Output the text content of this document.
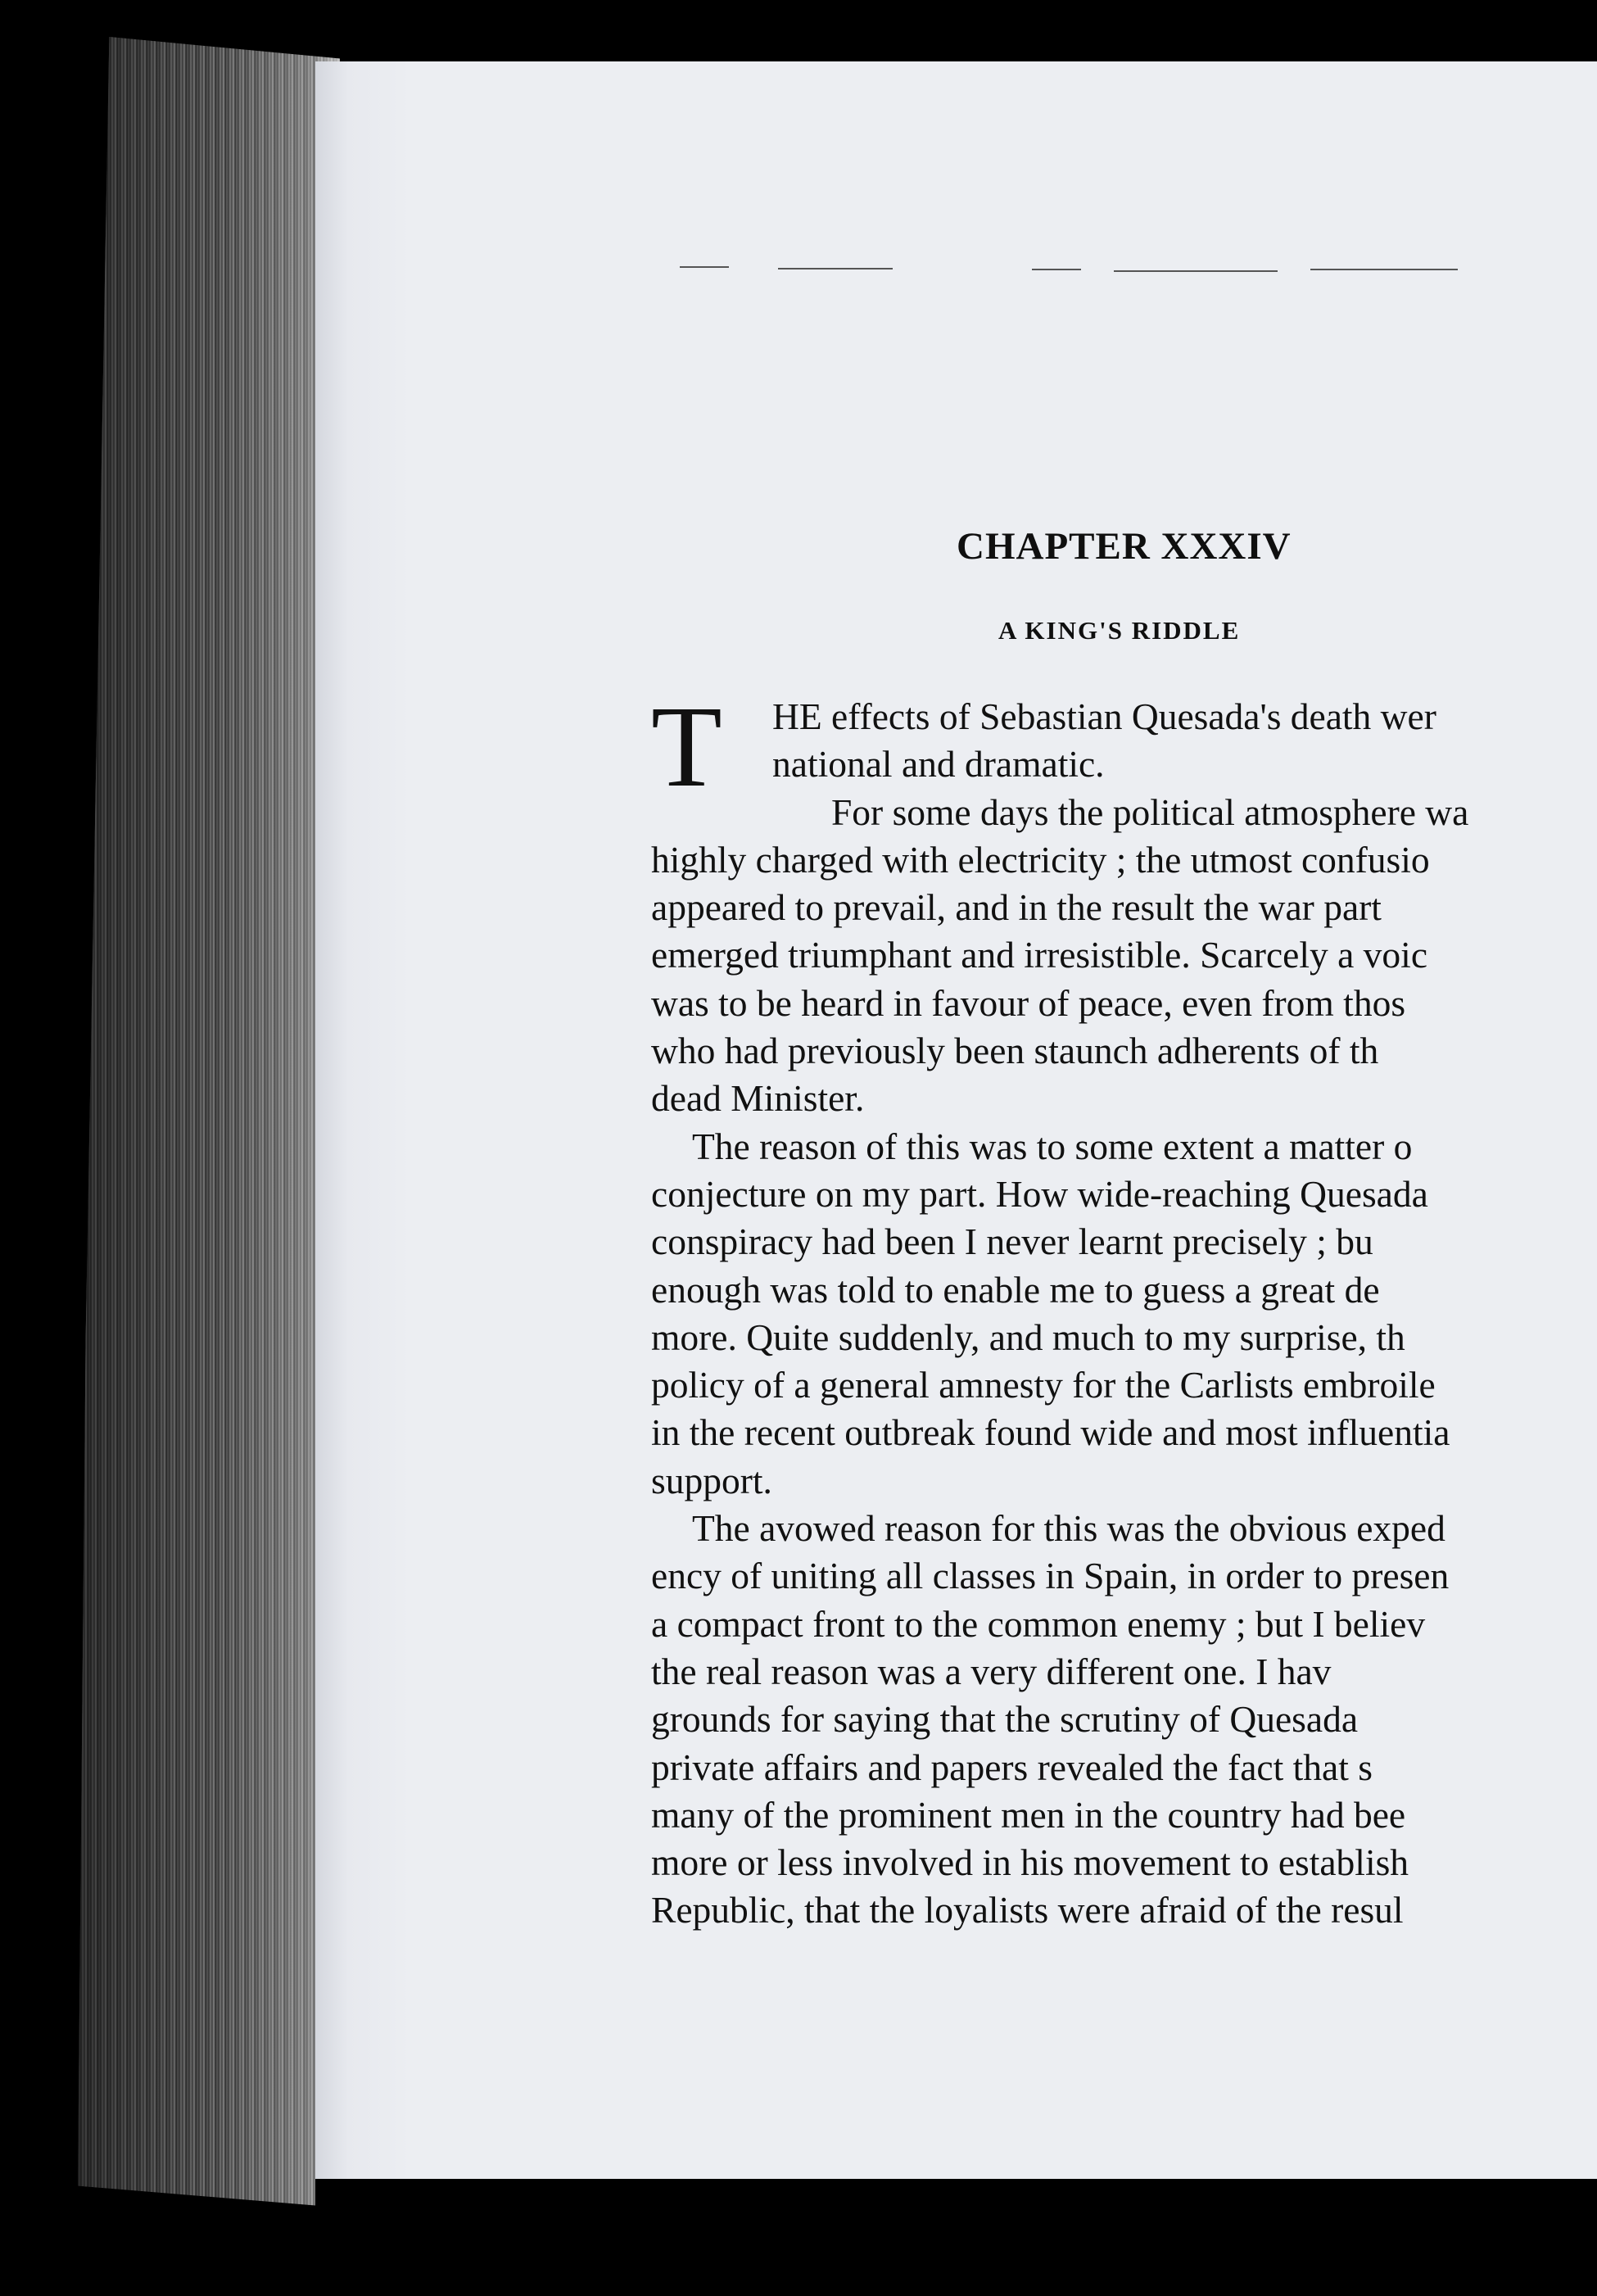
CHAPTER XXXIV
A KING'S RIDDLE
T	HE effects of Sebastian Quesada's death wer
national and dramatic.
For some days the political atmosphere wa
highly charged with electricity ; the utmost confusio
appeared to prevail, and in the result the war part
emerged triumphant and irresistible. Scarcely a voic
was to be heard in favour of peace, even from thos
who had previously been staunch adherents of th
dead Minister.
The reason of this was to some extent a matter o
conjecture on my part. How wide-reaching Quesada
conspiracy had been I never learnt precisely ; bu
enough was told to enable me to guess a great de
more. Quite suddenly, and much to my surprise, th
policy of a general amnesty for the Carlists embroile
in the recent outbreak found wide and most influentia
support.
The avowed reason for this was the obvious exped
ency of uniting all classes in Spain, in order to presen
a compact front to the common enemy ; but I believ
the real reason was a very different one. I hav
grounds for saying that the scrutiny of Quesada
private affairs and papers revealed the fact that s
many of the prominent men in the country had bee
more or less involved in his movement to establish
Republic, that the loyalists were afraid of the resul
